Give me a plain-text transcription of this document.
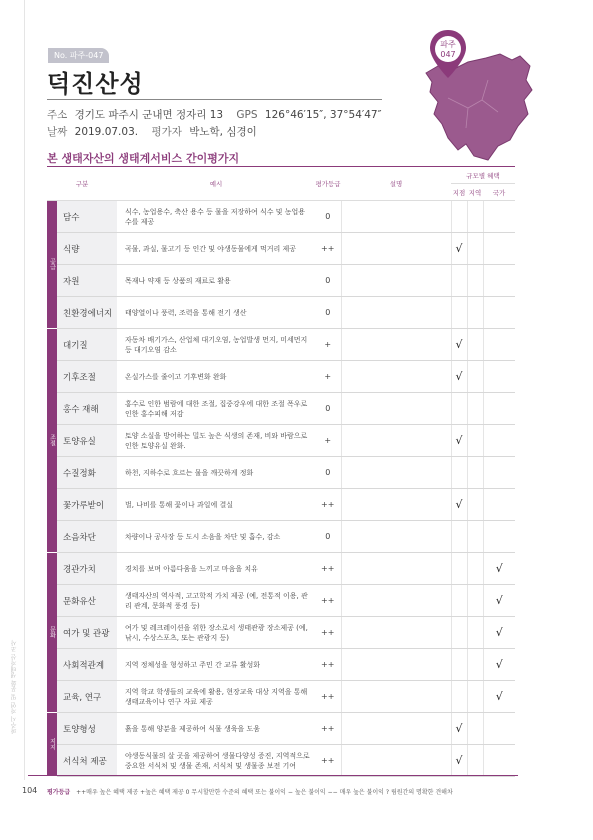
파주시 자연 및 문화 생태자산 조사
No. 파주-047
덕진산성
주소 경기도 파주시 군내면 정자리 13 GPS 126°46′15″, 37°54′47″
날짜 2019.07.03. 평가자 박노학, 심경이
파주
047
본 생태자산의 생태계서비스 간이평가지
구분		예시	평가등급	설명	규모별 혜택		
					지점	지역	국가
공급	담수	식수, 농업용수, 축산 용수 등 물을 저장하여 식수 및 농업용수를 제공	0				
	식량	곡물, 과실, 물고기 등 인간 및 야생동물에게 먹거리 제공	++		√		
	자원	목재나 약재 등 상품의 재료로 활용	0				
	친환경에너지	태양열이나 풍력, 조력을 통해 전기 생산	0				
조절	대기질	자동차 배기가스, 산업체 대기오염, 농업발생 먼지, 미세먼지 등 대기오염 감소	+		√		
	기후조절	온실가스를 줄이고 기후변화 완화	+		√		
	홍수 재해	홍수로 인한 범람에 대한 조절, 집중강우에 대한 조절 폭우로 인한 홍수피해 저감	0				
	토양유실	토양 소실을 방어하는 밀도 높은 식생의 존재, 비와 바람으로 인한 토양유실 완화.	+		√		
	수질정화	하천, 지하수로 흐르는 물을 깨끗하게 정화	0				
	꽃가루받이	벌, 나비를 통해 꽃이나 과일에 결실	++		√		
	소음차단	차량이나 공사장 등 도시 소음을 차단 및 흡수, 감소	0				
문화	경관가치	경치를 보며 아름다움을 느끼고 마음을 치유	++				√
	문화유산	생태자산의 역사적, 고고학적 가치 제공 (예, 전통적 이용, 관리 관계, 문화적 풍경 등)	++				√
	여가 및 관광	여가 및 레크레이션을 위한 장소로서 생태관광 장소제공 (예, 낚시, 수상스포츠, 또는 관광지 등)	++				√
	사회적관계	지역 정체성을 형성하고 주민 간 교류 활성화	++				√
	교육, 연구	지역 학교 학생들의 교육에 활용, 현장교육 대상 지역을 통해 생태교육이나 연구 자료 제공	++				√
지지	토양형성	흙을 통해 양분을 제공하여 식물 생육을 도움	++		√		
	서식처 제공	야생동식물의 살 곳을 제공하여 생물다양성 증진, 지역적으로 중요한 서식처 및 생물 존재, 서식처 및 생물종 보전 기여	++		√		
104 평가등급 ++매우 높은 혜택 제공 +높은 혜택 제공 0 무시할만한 수준의 혜택 또는 불이익 − 높은 불이익 −− 매우 높은 불이익 ? 림원간의 명확한 견해차
